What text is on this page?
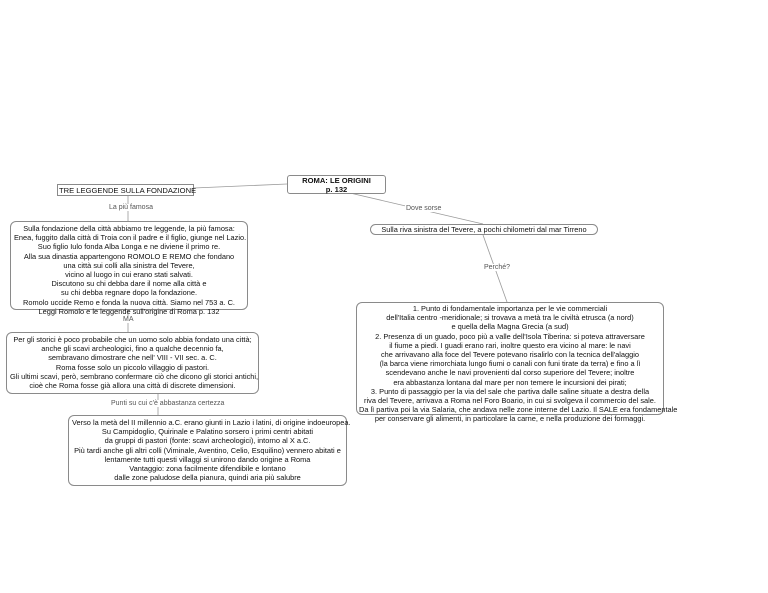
ROMA: LE ORIGINI
p. 132
TRE LEGGENDE SULLA FONDAZIONE
La più famosa
Sulla fondazione della città abbiamo tre leggende, la più famosa:
Enea, fuggito dalla città di Troia con il padre e il figlio, giunge nel Lazio.
Suo figlio Iulo fonda Alba Longa e ne diviene il primo re.
Alla sua dinastia appartengono ROMOLO E REMO che fondano
una città sui colli alla sinistra del Tevere,
vicino al luogo in cui erano stati salvati.
Discutono su chi debba dare il nome alla città e
su chi debba regnare dopo la fondazione.
Romolo uccide Remo e fonda la nuova città. Siamo nel 753 a. C.
Leggi Romolo e le leggende sull'origine di Roma p. 132
MA
Per gli storici è poco probabile che un uomo solo abbia fondato una città;
anche gli scavi archeologici, fino a qualche decennio fa,
sembravano dimostrare che nell' VIII - VII sec. a. C.
Roma fosse solo un piccolo villaggio di pastori.
Gli ultimi scavi, però, sembrano confermare ciò che dicono gli storici antichi,
cioè che Roma fosse già allora una città di discrete dimensioni.
Punti su cui c'è abbastanza certezza
Verso la metà del II millennio a.C. erano giunti in Lazio i latini, di origine indoeuropea.
Su Campidoglio, Quirinale e Palatino sorsero i primi centri abitati
da gruppi di pastori (fonte: scavi archeologici), intorno al X a.C.
Più tardi anche gli altri colli (Viminale, Aventino, Celio, Esquilino) vennero abitati e
lentamente tutti questi villaggi si unirono dando origine a Roma
Vantaggio: zona facilmente difendibile e lontano
dalle zone paludose della pianura, quindi aria più salubre
Dove sorse
Sulla riva sinistra del Tevere, a pochi chilometri dal mar Tirreno
Perché?
1. Punto di fondamentale importanza per le vie commerciali
dell'Italia centro -meridionale; si trovava a metà tra le civiltà etrusca (a nord)
e quella della Magna Grecia (a sud)
2. Presenza di un guado, poco più a valle dell'Isola Tiberina: si poteva attraversare
il fiume a piedi. I guadi erano rari, inoltre questo era vicino al mare: le navi
che arrivavano alla foce del Tevere potevano risalirlo con la tecnica dell'alaggio
(la barca viene rimorchiata lungo fiumi o canali con funi tirate da terra) e fino a lì
scendevano anche le navi provenienti dal corso superiore del Tevere; inoltre
era abbastanza lontana dal mare per non temere le incursioni dei pirati;
3. Punto di passaggio per la via del sale che partiva dalle saline situate a destra della
riva del Tevere, arrivava a Roma nel Foro Boario, in cui si svolgeva il commercio del sale.
Da lì partiva poi la via Salaria, che andava nelle zone interne del Lazio. Il SALE era fondamentale
per conservare gli alimenti, in particolare la carne, e nella produzione dei formaggi.
